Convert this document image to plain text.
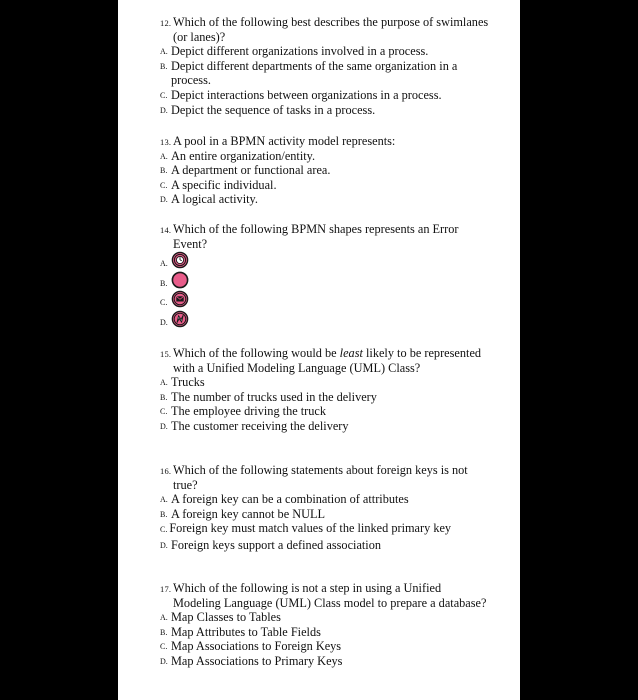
12. Which of the following best describes the purpose of swimlanes (or lanes)?
A. Depict different organizations involved in a process.
B. Depict different departments of the same organization in a process.
C. Depict interactions between organizations in a process.
D. Depict the sequence of tasks in a process.
13. A pool in a BPMN activity model represents:
A. An entire organization/entity.
B. A department or functional area.
C. A specific individual.
D. A logical activity.
14. Which of the following BPMN shapes represents an Error Event?
A.
B.
C.
D.
15. Which of the following would be least likely to be represented with a Unified Modeling Language (UML) Class?
A. Trucks
B. The number of trucks used in the delivery
C. The employee driving the truck
D. The customer receiving the delivery
16. Which of the following statements about foreign keys is not true?
A. A foreign key can be a combination of attributes
B. A foreign key cannot be NULL
C. Foreign key must match values of the linked primary key
D. Foreign keys support a defined association
17. Which of the following is not a step in using a Unified Modeling Language (UML) Class model to prepare a database?
A. Map Classes to Tables
B. Map Attributes to Table Fields
C. Map Associations to Foreign Keys
D. Map Associations to Primary Keys
